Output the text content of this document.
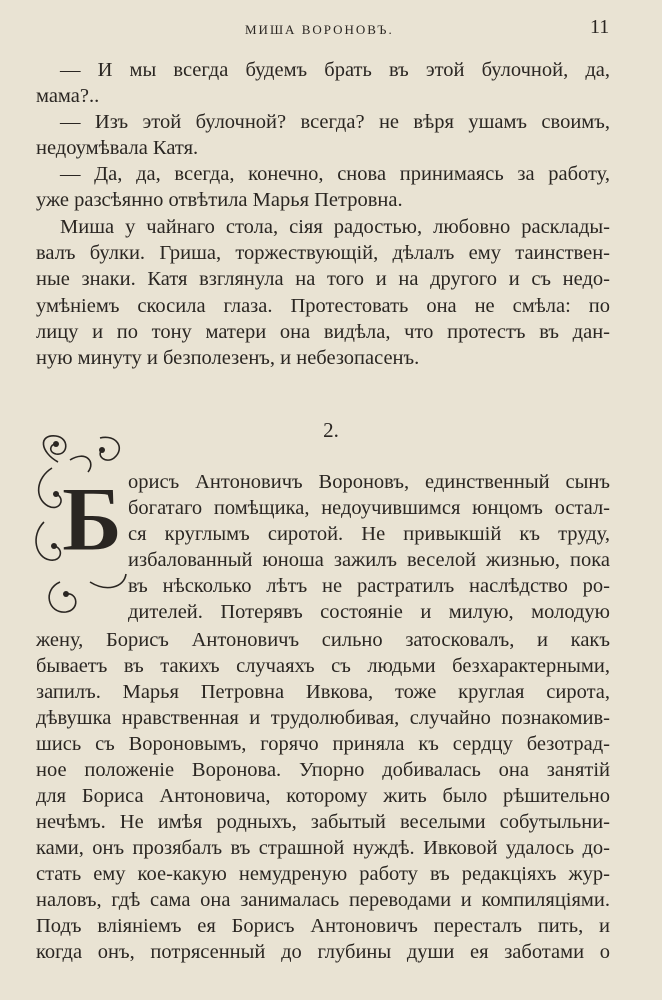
МИША ВОРОНОВЪ.	11
— И мы всегда будемъ брать въ этой булочной, да,
мама?..
— Изъ этой булочной? всегда? не вѣря ушамъ своимъ,
недоумѣвала Катя.
— Да, да, всегда, конечно, снова принимаясь за работу,
уже разсѣянно отвѣтила Марья Петровна.
Миша у чайнаго стола, сіяя радостью, любовно расклады-
валъ булки. Гриша, торжествующій, дѣлалъ ему таинствен-
ные знаки. Катя взглянула на того и на другого и съ недо-
умѣніемъ скосила глаза. Протестовать она не смѣла: по
лицу и по тону матери она видѣла, что протестъ въ дан-
ную минуту и безполезенъ, и небезопасенъ.
2.
Б орисъ Антоновичъ Вороновъ, единственный сынъ
богатаго помѣщика, недоучившимся юнцомъ остал-
ся круглымъ сиротой. Не привыкшій къ труду,
избалованный юноша зажилъ веселой жизнью, пока
въ нѣсколько лѣтъ не растратилъ наслѣдство ро-
дителей. Потерявъ состояніе и милую, молодую
жену, Борисъ Антоновичъ сильно затосковалъ, и какъ
бываетъ въ такихъ случаяхъ съ людьми безхарактерными,
запилъ. Марья Петровна Ивкова, тоже круглая сирота,
дѣвушка нравственная и трудолюбивая, случайно познакомив-
шись съ Вороновымъ, горячо приняла къ сердцу безотрад-
ное положеніе Воронова. Упорно добивалась она занятій
для Бориса Антоновича, которому жить было рѣшительно
нечѣмъ. Не имѣя родныхъ, забытый веселыми собутыльни-
ками, онъ прозябалъ въ страшной нуждѣ. Ивковой удалось до-
стать ему кое-какую немудреную работу въ редакціяхъ жур-
наловъ, гдѣ сама она занималась переводами и компиляціями.
Подъ вліяніемъ ея Борисъ Антоновичъ пересталъ пить, и
когда онъ, потрясенный до глубины души ея заботами о
